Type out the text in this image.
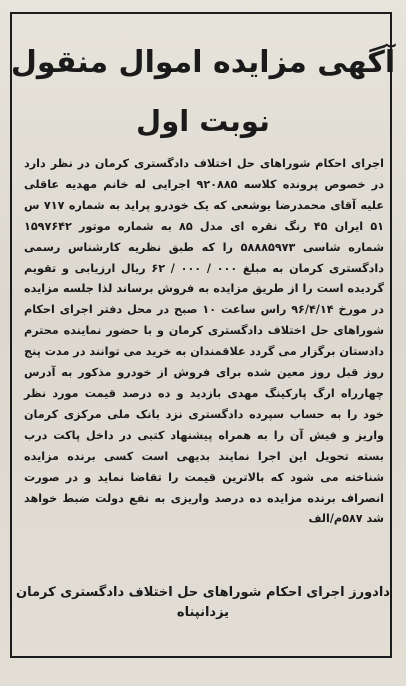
آگهی مزایده اموال منقول
نوبت اول

اجرای احکام شوراهای حل اختلاف دادگستری کرمان در نظر دارد در خصوص پرونده کلاسه ۹۲۰۸۸۵ اجرایی له خانم مهدیه عاقلی علیه آقای محمدرضا یوشعی که یک خودرو پراید به شماره ۷۱۷ س ۵۱ ایران ۴۵ رنگ نقره ای مدل ۸۵ به شماره موتور ۱۵۹۷۶۴۲ شماره شاسی ۵۸۸۸۵۹۷۳ را که طبق نظریه کارشناس رسمی دادگستری کرمان به مبلغ ۰۰۰ / ۰۰۰ / ۶۲ ریال ارزیابی و تقویم گردیده است را از طریق مزایده به فروش برساند لذا جلسه مزایده در مورخ ۹۶/۴/۱۴ راس ساعت ۱۰ صبح در محل دفتر اجرای احکام شوراهای حل اختلاف دادگستری کرمان و با حضور نماینده محترم دادستان برگزار می گردد علاقمندان به خرید می توانند در مدت پنج روز قبل روز معین شده برای فروش از خودرو مذکور به آدرس چهارراه ارگ پارکینگ مهدی بازدید و ده درصد قیمت مورد نظر خود را به حساب سپرده دادگستری نزد بانک ملی مرکزی کرمان واریز و فیش آن را به همراه پیشنهاد کتبی در داخل پاکت درب بسته تحویل این اجرا نمایند بدیهی است کسی برنده مزایده شناخته می شود که بالاترین قیمت را تقاضا نماید و در صورت انصراف برنده مزایده ده درصد واریزی به نفع دولت ضبط خواهد شد ۵۸۷م/الف

دادورز اجرای احکام شوراهای حل اختلاف دادگستری کرمان
یزدانپناه
